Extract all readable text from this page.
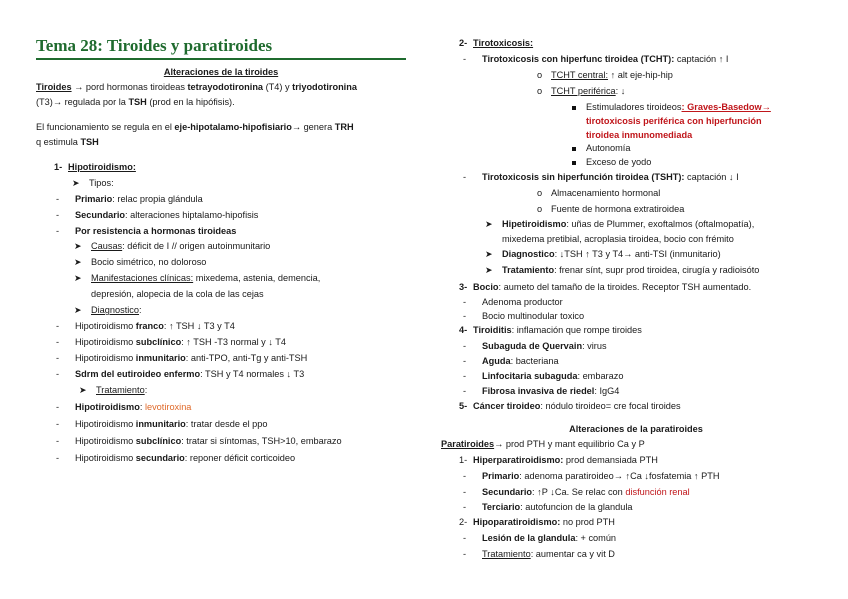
Tema 28: Tiroides y paratiroides
Alteraciones de la tiroides
Tiroides → pord hormonas tiroideas tetrayodotironina (T4) y triyodotironina
(T3)→ regulada por la TSH (prod en la hipófisis).
El funcionamiento se regula en el eje-hipotalamo-hipofisiario→ genera TRH
q estimula TSH
1- Hipotiroidismo:
➤ Tipos:
- Primario: relac propia glándula
- Secundario: alteraciones hiptalamo-hipofisis
- Por resistencia a hormonas tiroideas
➤ Causas: déficit de I // origen autoinmunitario
➤ Bocio simétrico, no doloroso
➤ Manifestaciones clínicas: mixedema, astenia, demencia,
depresión, alopecia de la cola de las cejas
➤ Diagnostico:
- Hipotiroidismo franco: ↑ TSH ↓ T3 y T4
- Hipotiroidismo subclínico: ↑ TSH -T3 normal y ↓ T4
- Hipotiroidismo inmunitario: anti-TPO, anti-Tg y anti-TSH
- Sdrm del eutiroideo enfermo: TSH y T4 normales ↓ T3
➤ Tratamiento:
- Hipotiroidismo: levotiroxina
- Hipotiroidismo inmunitario: tratar desde el ppo
- Hipotiroidismo subclínico: tratar si síntomas, TSH>10, embarazo
- Hipotiroidismo secundario: reponer déficit corticoideo
2- Tirotoxicosis:
- Tirotoxicosis con hiperfunc tiroidea (TCHT): captación ↑ I
o TCHT central: ↑ alt eje-hip-hip
o TCHT periférica: ↓
Estimuladores tiroideos: Graves-Basedow→
tirotoxicosis periférica con hiperfunción
tiroidea inmunomediada
Autonomía
Exceso de yodo
- Tirotoxicosis sin hiperfunción tiroidea (TSHT): captación ↓ I
o Almacenamiento hormonal
o Fuente de hormona extratiroidea
➤ Hipetiroidismo: uñas de Plummer, exoftalmos (oftalmopatía),
mixedema pretibial, acroplasia tiroidea, bocio con frémito
➤ Diagnostico: ↓TSH ↑ T3 y T4→ anti-TSI (inmunitario)
➤ Tratamiento: frenar sínt, supr prod tiroidea, cirugía y radioisóto
3- Bocio: aumeto del tamaño de la tiroides. Receptor TSH aumentado.
- Adenoma productor
- Bocio multinodular toxico
4- Tiroiditis: inflamación que rompe tiroides
- Subaguda de Quervain: virus
- Aguda: bacteriana
- Linfocitaria subaguda: embarazo
- Fibrosa invasiva de riedel: IgG4
5- Cáncer tiroideo: nódulo tiroideo= cre focal tiroides
Alteraciones de la paratiroides
Paratiroides→ prod PTH y mant equilibrio Ca y P
1- Hiperparatiroidismo: prod demansiada PTH
- Primario: adenoma paratiroideo→ ↑Ca ↓fosfatemia ↑ PTH
- Secundario: ↑P ↓Ca. Se relac con disfunción renal
- Terciario: autofuncion de la glandula
2- Hipoparatiroidismo: no prod PTH
- Lesión de la glandula: + común
- Tratamiento: aumentar ca y vit D
